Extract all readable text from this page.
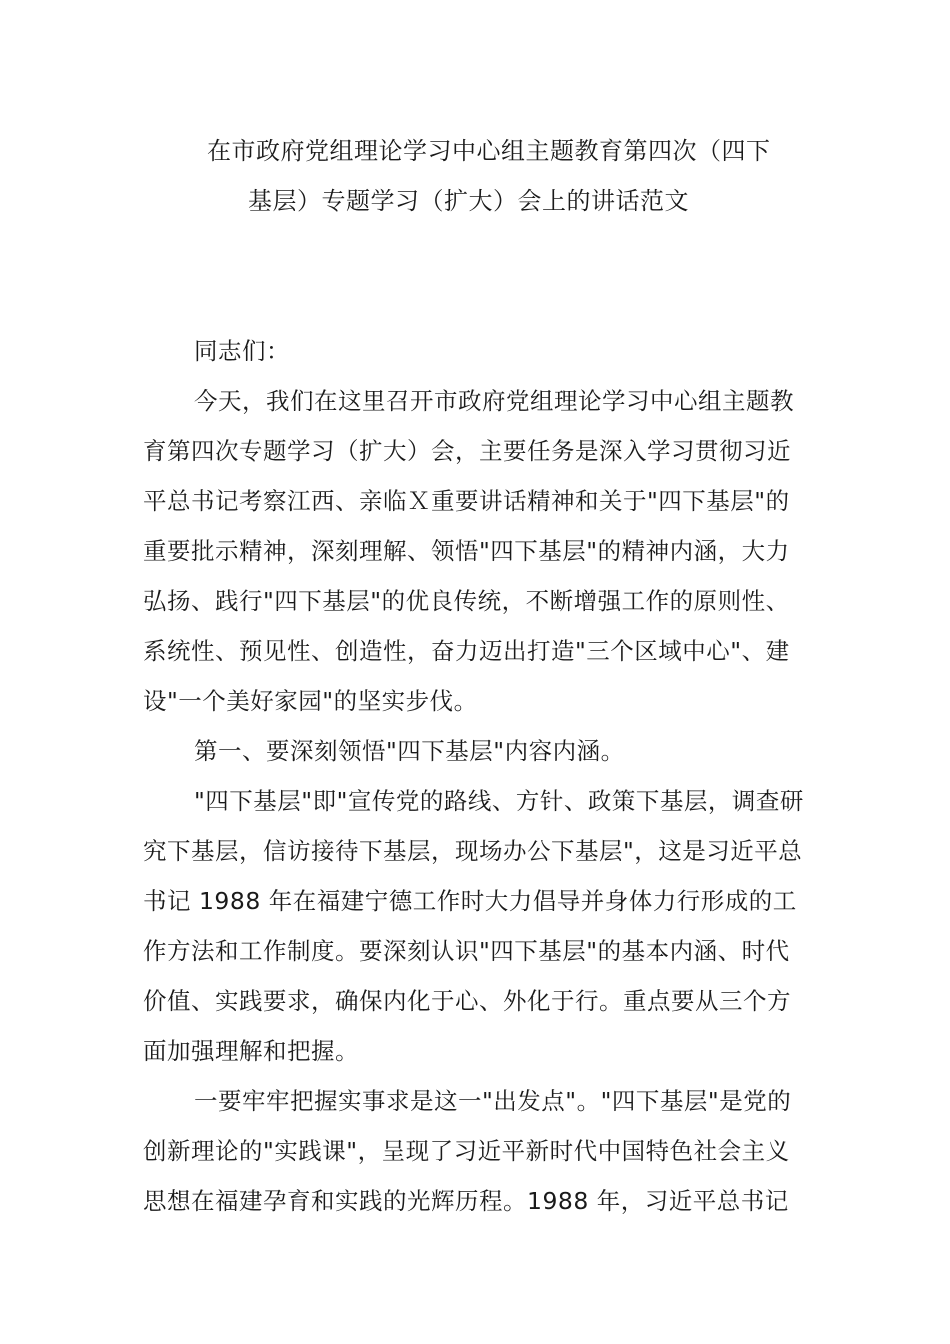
在市政府党组理论学习中心组主题教育第四次（四下
基层）专题学习（扩大）会上的讲话范文
同志们：
今天，我们在这里召开市政府党组理论学习中心组主题教
育第四次专题学习（扩大）会，主要任务是深入学习贯彻习近
平总书记考察江西、亲临Ｘ重要讲话精神和关于"四下基层"的
重要批示精神，深刻理解、领悟"四下基层"的精神内涵，大力
弘扬、践行"四下基层"的优良传统，不断增强工作的原则性、
系统性、预见性、创造性，奋力迈出打造"三个区域中心"、建
设"一个美好家园"的坚实步伐。
第一、要深刻领悟"四下基层"内容内涵。
"四下基层"即"宣传党的路线、方针、政策下基层，调查研
究下基层，信访接待下基层，现场办公下基层"，这是习近平总
书记 1988 年在福建宁德工作时大力倡导并身体力行形成的工
作方法和工作制度。要深刻认识"四下基层"的基本内涵、时代
价值、实践要求，确保内化于心、外化于行。重点要从三个方
面加强理解和把握。
一要牢牢把握实事求是这一"出发点"。"四下基层"是党的
创新理论的"实践课"，呈现了习近平新时代中国特色社会主义
思想在福建孕育和实践的光辉历程。1988 年，习近平总书记
